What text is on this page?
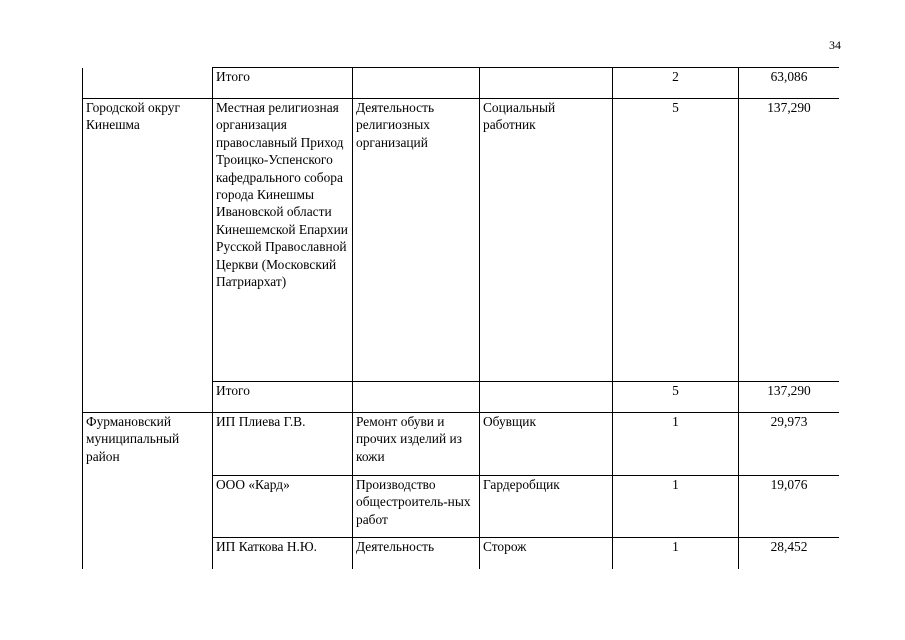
34
	Итого			2	63,086
Городской округ Кинешма	Местная религиозная организация православный Приход Троицко-Успенского кафедрального собора города Кинешмы Ивановской области Кинешемской Епархии Русской Православной Церкви (Московский Патриархат)	Деятельность религиозных организаций	Социальный работник	5	137,290
	Итого			5	137,290
Фурмановский муниципальный район	ИП Плиева Г.В.	Ремонт обуви и прочих изделий из кожи	Обувщик	1	29,973
	ООО «Кард»	Производство общестроитель-ных работ	Гардеробщик	1	19,076
	ИП Каткова Н.Ю.	Деятельность	Сторож	1	28,452
